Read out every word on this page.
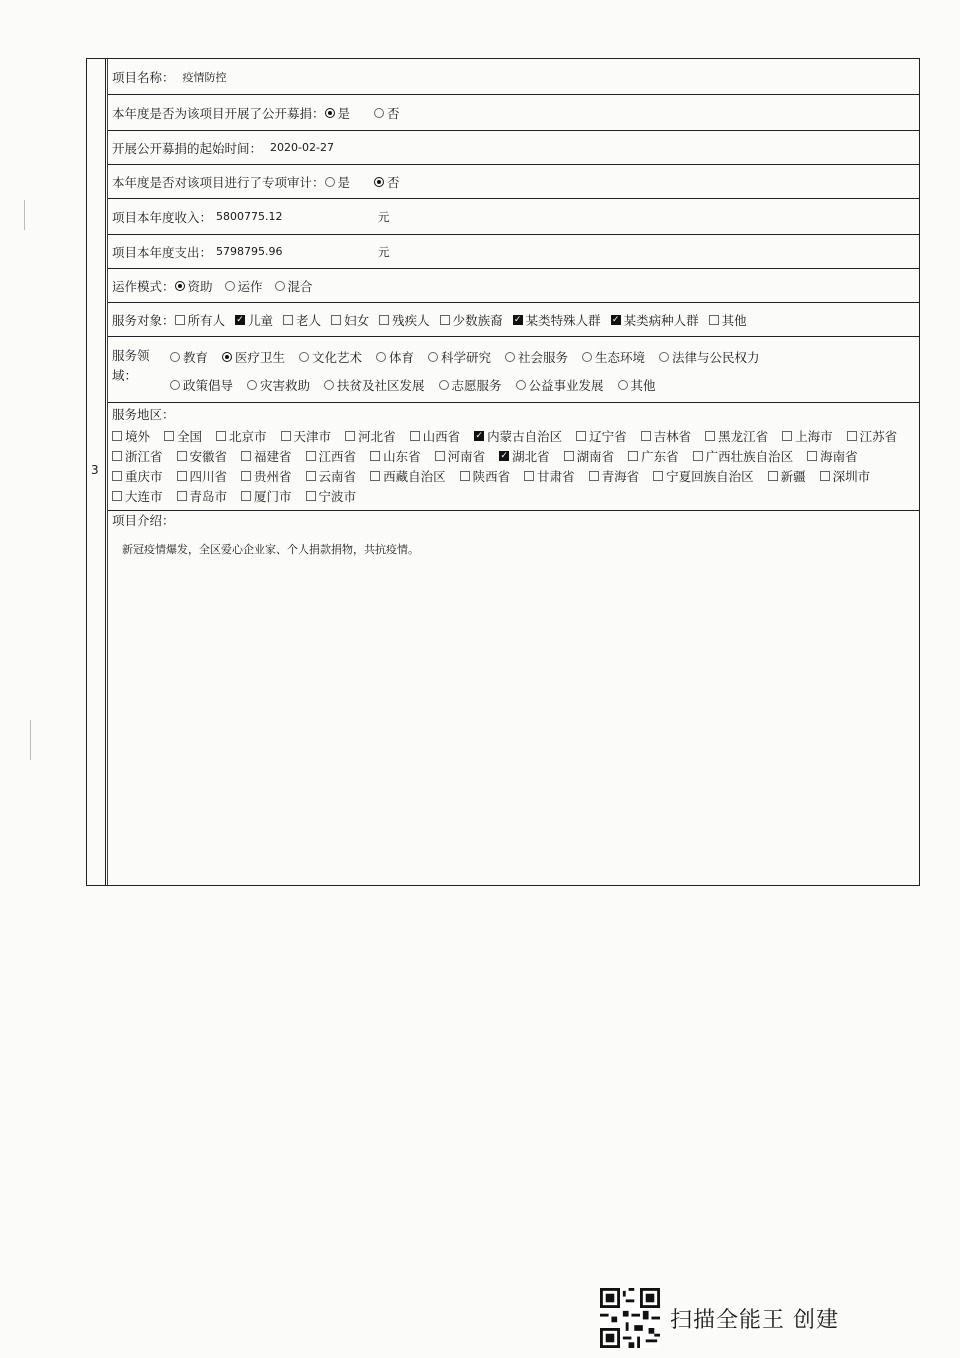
3
项目名称： 疫情防控
本年度是否为该项目开展了公开募捐： 是	否
开展公开募捐的起始时间： 2020-02-27
本年度是否对该项目进行了专项审计： 是	否
项目本年度收入： 5800775.12	元
项目本年度支出： 5798795.96	元
运作模式： 资助 运作 混合
服务对象： 所有人 ✓ 儿童 老人 妇女 残疾人 少数族裔 ✓ 某类特殊人群 ✓ 某类病种人群 其他
服务领域：
教育
医疗卫生
文化艺术
体育
科学研究
社会服务
生态环境
法律与公民权力
政策倡导
灾害救助
扶贫及社区发展
志愿服务
公益事业发展
其他
服务地区：
境外 全国 北京市 天津市 河北省 山西省 ✓ 内蒙古自治区 辽宁省 吉林省 黑龙江省 上海市 江苏省
浙江省 安徽省 福建省 江西省 山东省 河南省 ✓ 湖北省 湖南省 广东省 广西壮族自治区 海南省
重庆市 四川省 贵州省 云南省 西藏自治区 陕西省 甘肃省 青海省 宁夏回族自治区 新疆 深圳市
大连市 青岛市 厦门市 宁波市
项目介绍：
新冠疫情爆发，全区爱心企业家、个人捐款捐物，共抗疫情。
扫描全能王 创建
